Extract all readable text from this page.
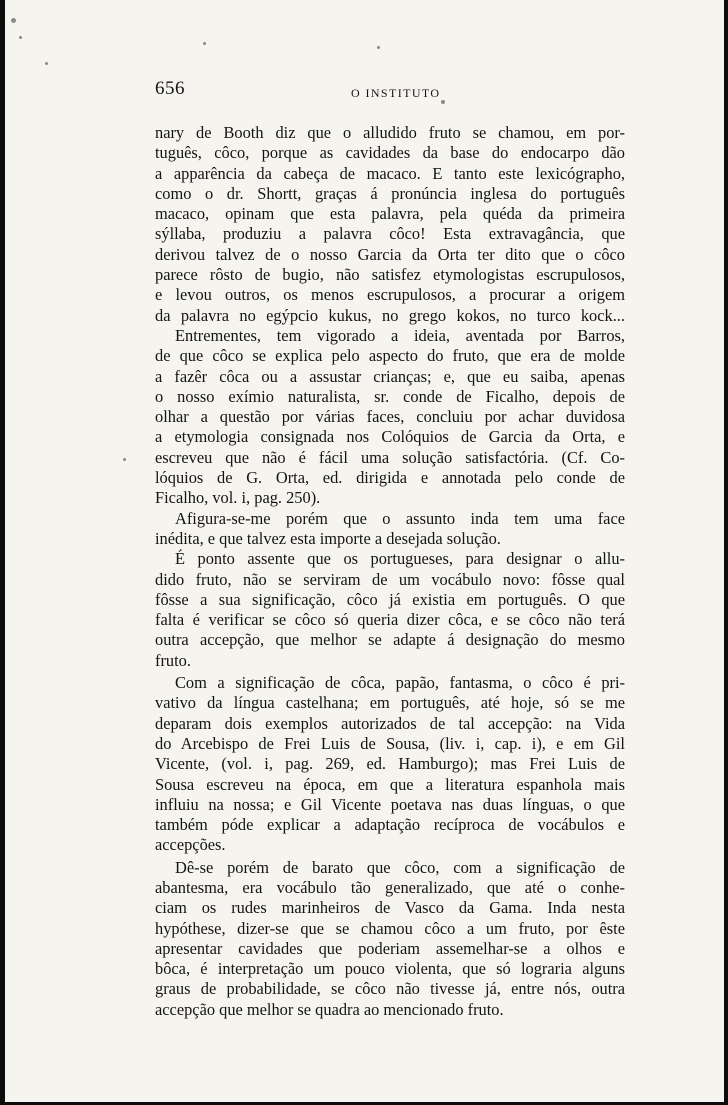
656	O INSTITUTO
nary de Booth diz que o alludido fruto se chamou, em por-
tuguês, côco, porque as cavidades da base do endocarpo dão
a apparência da cabeça de macaco. E tanto este lexicógrapho,
como o dr. Shortt, graças á pronúncia inglesa do português
macaco, opinam que esta palavra, pela quéda da primeira
sýllaba, produziu a palavra côco! Esta extravagância, que
derivou talvez de o nosso Garcia da Orta ter dito que o côco
parece rôsto de bugio, não satisfez etymologistas escrupulosos,
e levou outros, os menos escrupulosos, a procurar a origem
da palavra no egýpcio kukus, no grego kokos, no turco kock...
Entrementes, tem vigorado a ideia, aventada por Barros,
de que côco se explica pelo aspecto do fruto, que era de molde
a fazêr côca ou a assustar crianças; e, que eu saiba, apenas
o nosso exímio naturalista, sr. conde de Ficalho, depois de
olhar a questão por várias faces, concluiu por achar duvidosa
a etymologia consignada nos Colóquios de Garcia da Orta, e
escreveu que não é fácil uma solução satisfactória. (Cf. Co-
lóquios de G. Orta, ed. dirigida e annotada pelo conde de
Ficalho, vol. i, pag. 250).
Afigura-se-me porém que o assunto inda tem uma face
inédita, e que talvez esta importe a desejada solução.
É ponto assente que os portugueses, para designar o allu-
dido fruto, não se serviram de um vocábulo novo: fôsse qual
fôsse a sua significação, côco já existia em português. O que
falta é verificar se côco só queria dizer côca, e se côco não terá
outra accepção, que melhor se adapte á designação do mesmo
fruto.
Com a significação de côca, papão, fantasma, o côco é pri-
vativo da língua castelhana; em português, até hoje, só se me
deparam dois exemplos autorizados de tal accepção: na Vida
do Arcebispo de Frei Luis de Sousa, (liv. i, cap. i), e em Gil
Vicente, (vol. i, pag. 269, ed. Hamburgo); mas Frei Luis de
Sousa escreveu na época, em que a literatura espanhola mais
influiu na nossa; e Gil Vicente poetava nas duas línguas, o que
também póde explicar a adaptação recíproca de vocábulos e
accepções.
Dê-se porém de barato que côco, com a significação de
abantesma, era vocábulo tão generalizado, que até o conhe-
ciam os rudes marinheiros de Vasco da Gama. Inda nesta
hypóthese, dizer-se que se chamou côco a um fruto, por êste
apresentar cavidades que poderiam assemelhar-se a olhos e
bôca, é interpretação um pouco violenta, que só lograria alguns
graus de probabilidade, se côco não tivesse já, entre nós, outra
accepção que melhor se quadra ao mencionado fruto.
